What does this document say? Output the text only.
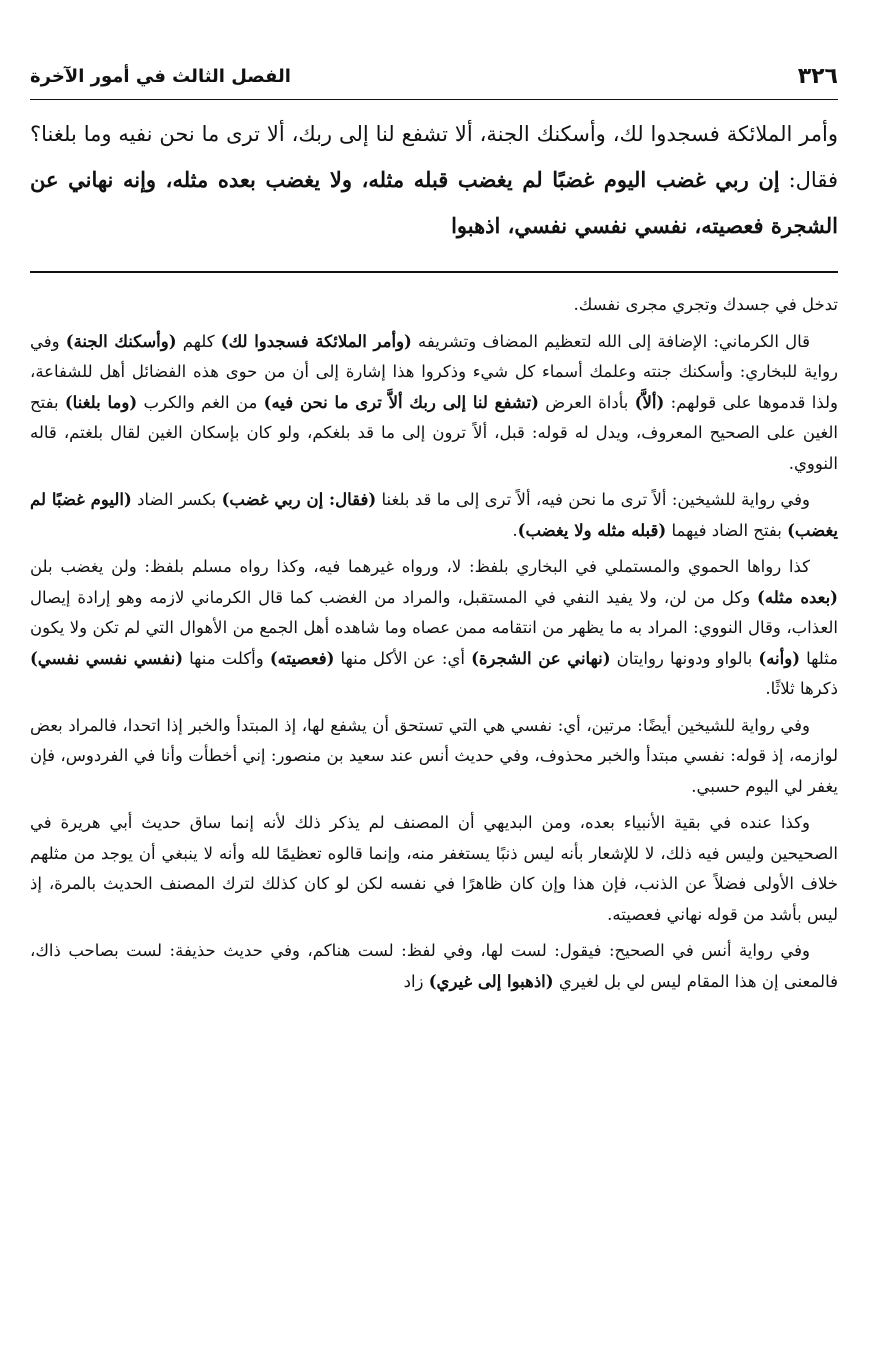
٣٢٦
الفصل الثالث في أمور الآخرة

وأمر الملائكة فسجدوا لك، وأسكنك الجنة، ألا تشفع لنا إلى ربك، ألا ترى ما نحن نفيه وما بلغنا؟ فقال: إن ربي غضب اليوم غضبًا لم يغضب قبله مثله، ولا يغضب بعده مثله، وإنه نهاني عن الشجرة فعصيته، نفسي نفسي نفسي، اذهبوا

تدخل في جسدك وتجري مجرى نفسك.

قال الكرماني: الإضافة إلى الله لتعظيم المضاف وتشريفه (وأمر الملائكة فسجدوا لك) كلهم (وأسكنك الجنة) وفي رواية للبخاري: وأسكنك جنته وعلمك أسماء كل شيء وذكروا هذا إشارة إلى أن من حوى هذه الفضائل أهل للشفاعة، ولذا قدموها على قولهم: (ألاَّ) بأداة العرض (تشفع لنا إلى ربك ألاَّ ترى ما نحن فيه) من الغم والكرب (وما بلغنا) بفتح الغين على الصحيح المعروف، ويدل له قوله: قبل، ألاً ترون إلى ما قد بلغكم، ولو كان بإسكان الغين لقال بلغتم، قاله النووي.

وفي رواية للشيخين: ألاً ترى ما نحن فيه، ألاً ترى إلى ما قد بلغنا (فقال: إن ربي غضب) بكسر الضاد (اليوم غضبًا لم يغضب) بفتح الضاد فيهما (قبله مثله ولا يغضب).

كذا رواها الحموي والمستملي في البخاري بلفظ: لا، ورواه غيرهما فيه، وكذا رواه مسلم بلفظ: ولن يغضب بلن (بعده مثله) وكل من لن، ولا يفيد النفي في المستقبل، والمراد من الغضب كما قال الكرماني لازمه وهو إرادة إيصال العذاب، وقال النووي: المراد به ما يظهر من انتقامه ممن عصاه وما شاهده أهل الجمع من الأهوال التي لم تكن ولا يكون مثلها (وأنه) بالواو ودونها روايتان (نهاني عن الشجرة) أي: عن الأكل منها (فعصيته) وأكلت منها (نفسي نفسي نفسي) ذكرها ثلاثًا.

وفي رواية للشيخين أيضًا: مرتين، أي: نفسي هي التي تستحق أن يشفع لها، إذ المبتدأ والخبر إذا اتحدا، فالمراد بعض لوازمه، إذ قوله: نفسي مبتدأ والخبر محذوف، وفي حديث أنس عند سعيد بن منصور: إني أخطأت وأنا في الفردوس، فإن يغفر لي اليوم حسبي.

وكذا عنده في بقية الأنبياء بعده، ومن البديهي أن المصنف لم يذكر ذلك لأنه إنما ساق حديث أبي هريرة في الصحيحين وليس فيه ذلك، لا للإشعار بأنه ليس ذنبًا يستغفر منه، وإنما قالوه تعظيمًا لله وأنه لا ينبغي أن يوجد من مثلهم خلاف الأولى فضلاً عن الذنب، فإن هذا وإن كان ظاهرًا في نفسه لكن لو كان كذلك لترك المصنف الحديث بالمرة، إذ ليس بأشد من قوله نهاني فعصيته.

وفي رواية أنس في الصحيح: فيقول: لست لها، وفي لفظ: لست هناكم، وفي حديث حذيفة: لست بصاحب ذاك، فالمعنى إن هذا المقام ليس لي بل لغيري (اذهبوا إلى غيري) زاد
